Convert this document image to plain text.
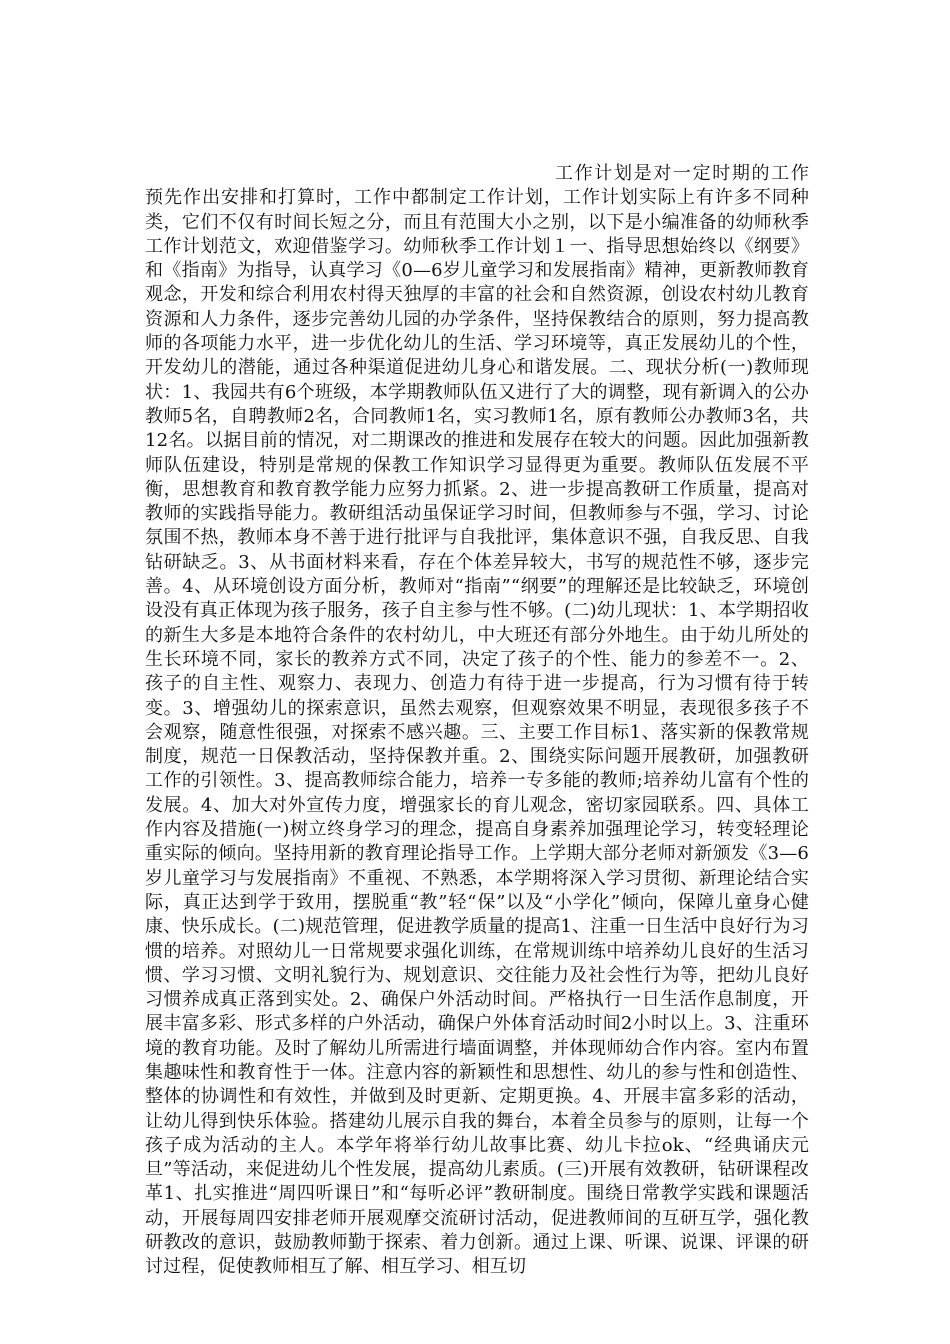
工作计划是对一定时期的工作预先作出安排和打算时，工作中都制定工作计划，工作计划实际上有许多不同种类，它们不仅有时间长短之分，而且有范围大小之别，以下是小编准备的幼师秋季工作计划范文，欢迎借鉴学习。幼师秋季工作计划１一、指导思想始终以《纲要》和《指南》为指导，认真学习《0—6岁儿童学习和发展指南》精神，更新教师教育观念，开发和综合利用农村得天独厚的丰富的社会和自然资源，创设农村幼儿教育资源和人力条件，逐步完善幼儿园的办学条件，坚持保教结合的原则，努力提高教师的各项能力水平，进一步优化幼儿的生活、学习环境等，真正发展幼儿的个性，开发幼儿的潜能，通过各种渠道促进幼儿身心和谐发展。二、现状分析(一)教师现状：1、我园共有6个班级，本学期教师队伍又进行了大的调整，现有新调入的公办教师5名，自聘教师2名，合同教师1名，实习教师1名，原有教师公办教师3名，共12名。以据目前的情况，对二期课改的推进和发展存在较大的问题。因此加强新教师队伍建设，特别是常规的保教工作知识学习显得更为重要。教师队伍发展不平衡，思想教育和教育教学能力应努力抓紧。2、进一步提高教研工作质量，提高对教师的实践指导能力。教研组活动虽保证学习时间，但教师参与不强，学习、讨论氛围不热，教师本身不善于进行批评与自我批评，集体意识不强，自我反思、自我钻研缺乏。3、从书面材料来看，存在个体差异较大，书写的规范性不够，逐步完善。4、从环境创设方面分析，教师对“指南”“纲要”的理解还是比较缺乏，环境创设没有真正体现为孩子服务，孩子自主参与性不够。(二)幼儿现状：1、本学期招收的新生大多是本地符合条件的农村幼儿，中大班还有部分外地生。由于幼儿所处的生长环境不同，家长的教养方式不同，决定了孩子的个性、能力的参差不一。2、孩子的自主性、观察力、表现力、创造力有待于进一步提高，行为习惯有待于转变。3、增强幼儿的探索意识，虽然去观察，但观察效果不明显，表现很多孩子不会观察，随意性很强，对探索不感兴趣。三、主要工作目标1、落实新的保教常规制度，规范一日保教活动，坚持保教并重。2、围绕实际问题开展教研，加强教研工作的引领性。3、提高教师综合能力，培养一专多能的教师;培养幼儿富有个性的发展。4、加大对外宣传力度，增强家长的育儿观念，密切家园联系。四、具体工作内容及措施(一)树立终身学习的理念，提高自身素养加强理论学习，转变轻理论重实际的倾向。坚持用新的教育理论指导工作。上学期大部分老师对新颁发《3—6岁儿童学习与发展指南》不重视、不熟悉，本学期将深入学习贯彻、新理论结合实际，真正达到学于致用，摆脱重“教”轻“保”以及“小学化”倾向，保障儿童身心健康、快乐成长。(二)规范管理，促进教学质量的提高1、注重一日生活中良好行为习惯的培养。对照幼儿一日常规要求强化训练，在常规训练中培养幼儿良好的生活习惯、学习习惯、文明礼貌行为、规划意识、交往能力及社会性行为等，把幼儿良好习惯养成真正落到实处。2、确保户外活动时间。严格执行一日生活作息制度，开展丰富多彩、形式多样的户外活动，确保户外体育活动时间2小时以上。3、注重环境的教育功能。及时了解幼儿所需进行墙面调整，并体现师幼合作内容。室内布置集趣味性和教育性于一体。注意内容的新颖性和思想性、幼儿的参与性和创造性、整体的协调性和有效性，并做到及时更新、定期更换。4、开展丰富多彩的活动，让幼儿得到快乐体验。搭建幼儿展示自我的舞台，本着全员参与的原则，让每一个孩子成为活动的主人。本学年将举行幼儿故事比赛、幼儿卡拉ok、“经典诵庆元旦”等活动，来促进幼儿个性发展，提高幼儿素质。(三)开展有效教研，钻研课程改革1、扎实推进“周四听课日”和“每听必评”教研制度。围绕日常教学实践和课题活动，开展每周四安排老师开展观摩交流研讨活动，促进教师间的互研互学，强化教研教改的意识，鼓励教师勤于探索、着力创新。通过上课、听课、说课、评课的研讨过程，促使教师相互了解、相互学习、相互切
